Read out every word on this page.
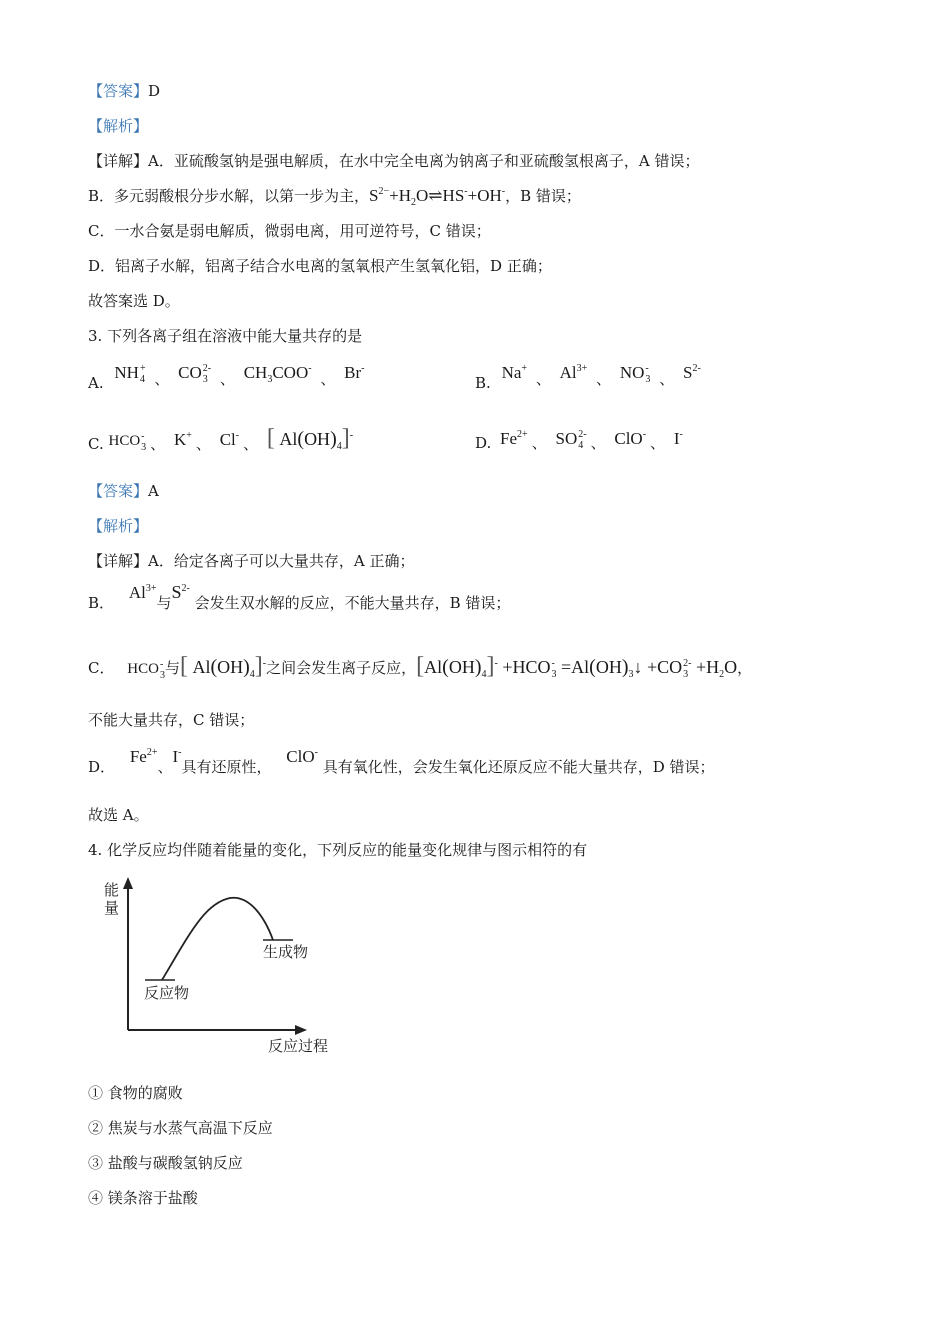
【答案】D
【解析】
【详解】A．亚硫酸氢钠是强电解质，在水中完全电离为钠离子和亚硫酸氢根离子，A 错误；
B．多元弱酸根分步水解，以第一步为主，$S^{2-}+H_2O\rightleftharpoons HS^-+OH^-$，B 错误；
C．一水合氨是弱电解质，微弱电离，用可逆符号，C 错误；
D．铝离子水解，铝离子结合水电离的氢氧根产生氢氧化铝，D 正确；
故答案选 D。
3. 下列各离子组在溶液中能大量共存的是
A. NH +
4 、 CO 2-
3 、 $CH_3COO^-$ 、 Br-
B. Na+ 、 $Al^{3+}$ 、 NO -
3 、 $S^{2-}$
C. HCO -
3 、 K+ 、 Cl- 、 [ $Al(OH)_4]^-$	D. $Fe^{2+}$ 、 SO 2-
4 、 ClO- 、 I-
【答案】A
【解析】
【详解】A．给定各离子可以大量共存，A 正确；
B． $Al^{3+}$与$S^{2-}$ 会发生双水解的反应，不能大量共存，B 错误；
C． HCO -
3 与[ $Al(OH)_4]^-$之间会发生离子反应，$[Al(OH)_4]^- +HCO$ -
$3 =Al(OH)_3↓ +CO$ 2-
$3 +H_2O$，
不能大量共存，C 错误；
D． $Fe^{2+}$、I-具有还原性， ClO- 具有氧化性，会发生氧化还原反应不能大量共存，D 错误；
故选 A。
4. 化学反应均伴随着能量的变化，下列反应的能量变化规律与图示相符的有
能
量
生成物
反应物
反应过程
① 食物的腐败
② 焦炭与水蒸气高温下反应
③ 盐酸与碳酸氢钠反应
④ 镁条溶于盐酸
